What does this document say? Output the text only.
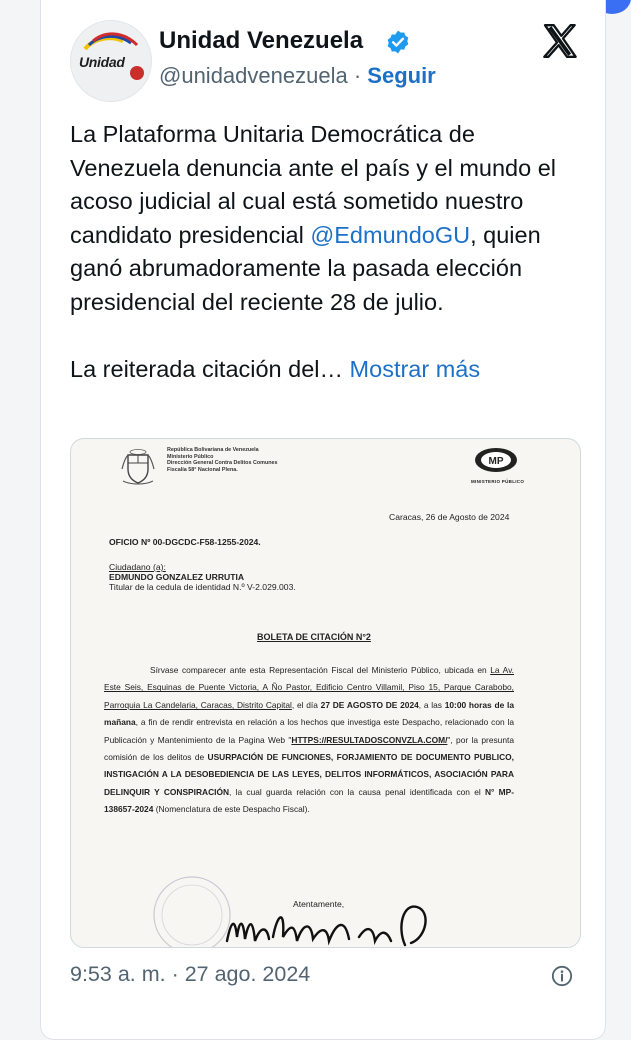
Unidad
Unidad Venezuela
@unidadvenezuela · Seguir

La Plataforma Unitaria Democrática de Venezuela denuncia ante el país y el mundo el acoso judicial al cual está sometido nuestro candidato presidencial @EdmundoGU, quien ganó abrumadoramente la pasada elección presidencial del reciente 28 de julio.

La reiterada citación del… Mostrar más

República Bolivariana de Venezuela
Ministerio Público
Dirección General Contra Delitos Comunes
Fiscalía 58° Nacional Plena.
MP
MINISTERIO PÚBLICO
Caracas, 26 de Agosto de 2024
OFICIO Nº 00-DGCDC-F58-1255-2024.
Ciudadano (a):
EDMUNDO GONZALEZ URRUTIA
Titular de la cedula de identidad N.º V-2.029.003.
BOLETA DE CITACIÓN N°2
Sírvase comparecer ante esta Representación Fiscal del Ministerio Público, ubicada en La Av. Este Seis, Esquinas de Puente Victoria, A Ño Pastor, Edificio Centro Villamil, Piso 15, Parque Carabobo, Parroquia La Candelaria, Caracas, Distrito Capital, el día 27 DE AGOSTO DE 2024, a las 10:00 horas de la mañana, a fin de rendir entrevista en relación a los hechos que investiga este Despacho, relacionado con la Publicación y Mantenimiento de la Pagina Web "HTTPS://RESULTADOSCONVZLA.COM/", por la presunta comisión de los delitos de USURPACIÓN DE FUNCIONES, FORJAMIENTO DE DOCUMENTO PUBLICO, INSTIGACIÓN A LA DESOBEDIENCIA DE LAS LEYES, DELITOS INFORMÁTICOS, ASOCIACIÓN PARA DELINQUIR Y CONSPIRACIÓN, la cual guarda relación con la causa penal identificada con el N° MP-138657-2024 (Nomenclatura de este Despacho Fiscal).
Atentamente,
9:53 a. m. · 27 ago. 2024
